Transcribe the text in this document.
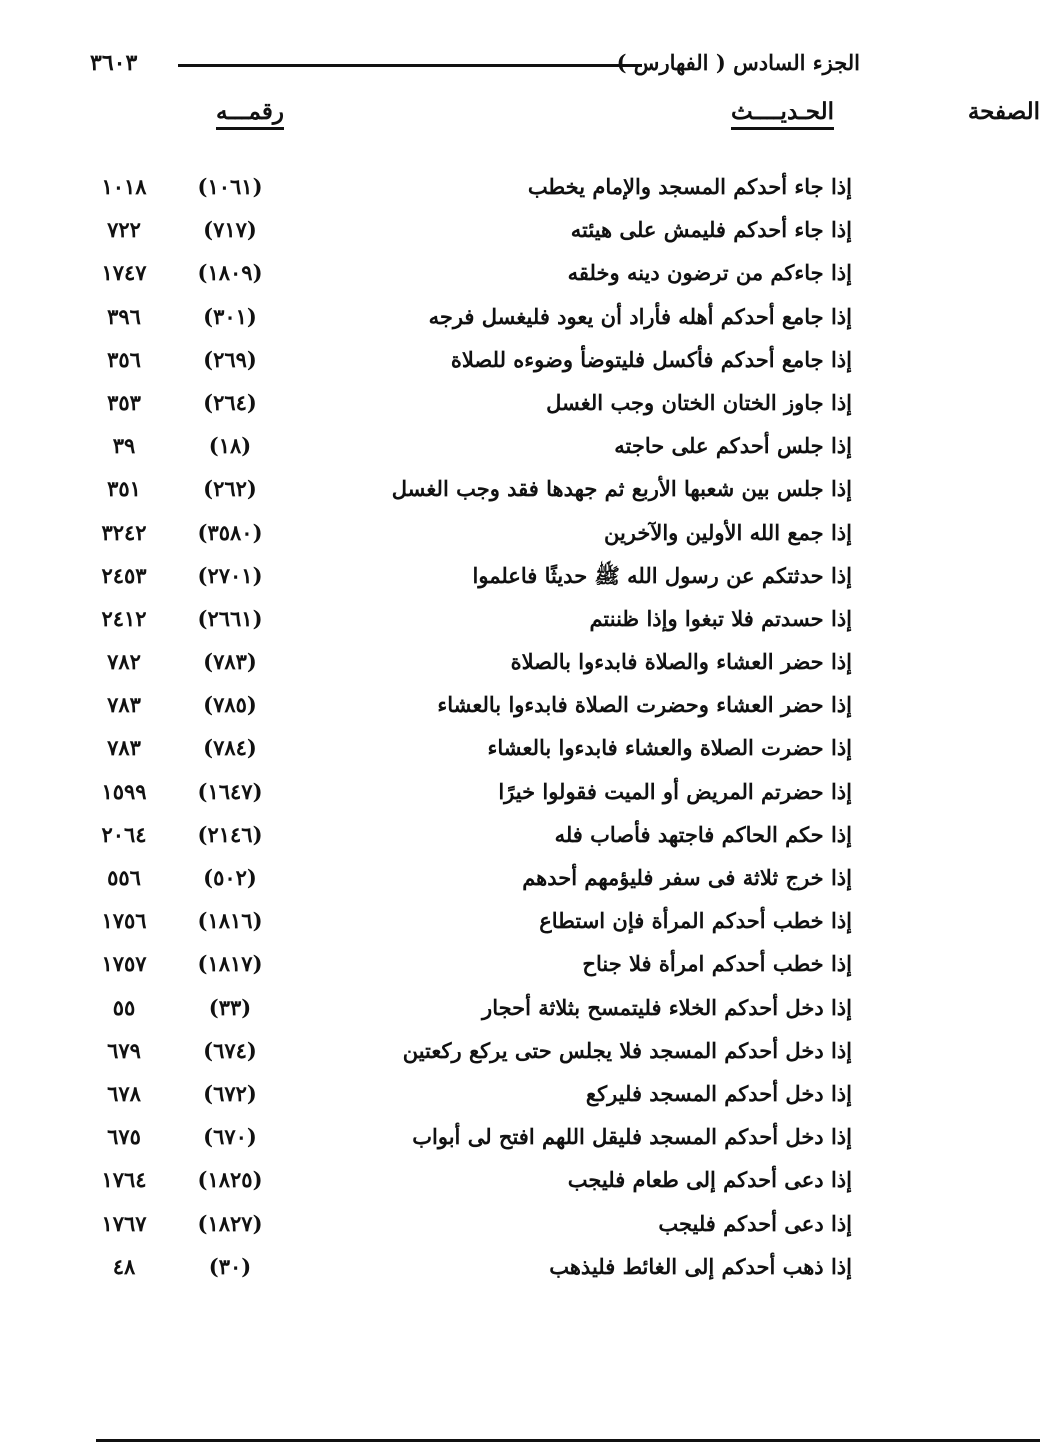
الجزء السادس ( الفهارس )
٣٦٠٣
الحـديــــث
رقمـــه	الصفحة
إذا جاء أحدكم المسجد والإمام يخطب
(١٠٦١)
١٠١٨
إذا جاء أحدكم فليمش على هيئته
(٧١٧)
٧٢٢
إذا جاءكم من ترضون دينه وخلقه
(١٨٠٩)
١٧٤٧
إذا جامع أحدكم أهله فأراد أن يعود فليغسل فرجه
(٣٠١)
٣٩٦
إذا جامع أحدكم فأكسل فليتوضأ وضوءه للصلاة
(٢٦٩)
٣٥٦
إذا جاوز الختان الختان وجب الغسل
(٢٦٤)
٣٥٣
إذا جلس أحدكم على حاجته
(١٨)
٣٩
إذا جلس بين شعبها الأربع ثم جهدها فقد وجب الغسل
(٢٦٢)
٣٥١
إذا جمع الله الأولين والآخرين
(٣٥٨٠)
٣٢٤٢
إذا حدثتكم عن رسول الله ﷺ حديثًا فاعلموا
(٢٧٠١)
٢٤٥٣
إذا حسدتم فلا تبغوا وإذا ظننتم
(٢٦٦١)
٢٤١٢
إذا حضر العشاء والصلاة فابدءوا بالصلاة
(٧٨٣)
٧٨٢
إذا حضر العشاء وحضرت الصلاة فابدءوا بالعشاء
(٧٨٥)
٧٨٣
إذا حضرت الصلاة والعشاء فابدءوا بالعشاء
(٧٨٤)
٧٨٣
إذا حضرتم المريض أو الميت فقولوا خيرًا
(١٦٤٧)
١٥٩٩
إذا حكم الحاكم فاجتهد فأصاب فله
(٢١٤٦)
٢٠٦٤
إذا خرج ثلاثة فى سفر فليؤمهم أحدهم
(٥٠٢)
٥٥٦
إذا خطب أحدكم المرأة فإن استطاع
(١٨١٦)
١٧٥٦
إذا خطب أحدكم امرأة فلا جناح
(١٨١٧)
١٧٥٧
إذا دخل أحدكم الخلاء فليتمسح بثلاثة أحجار
(٣٣)
٥٥
إذا دخل أحدكم المسجد فلا يجلس حتى يركع ركعتين
(٦٧٤)
٦٧٩
إذا دخل أحدكم المسجد فليركع
(٦٧٢)
٦٧٨
إذا دخل أحدكم المسجد فليقل اللهم افتح لى أبواب
(٦٧٠)
٦٧٥
إذا دعى أحدكم إلى طعام فليجب
(١٨٢٥)
١٧٦٤
إذا دعى أحدكم فليجب
(١٨٢٧)
١٧٦٧
إذا ذهب أحدكم إلى الغائط فليذهب
(٣٠)
٤٨
